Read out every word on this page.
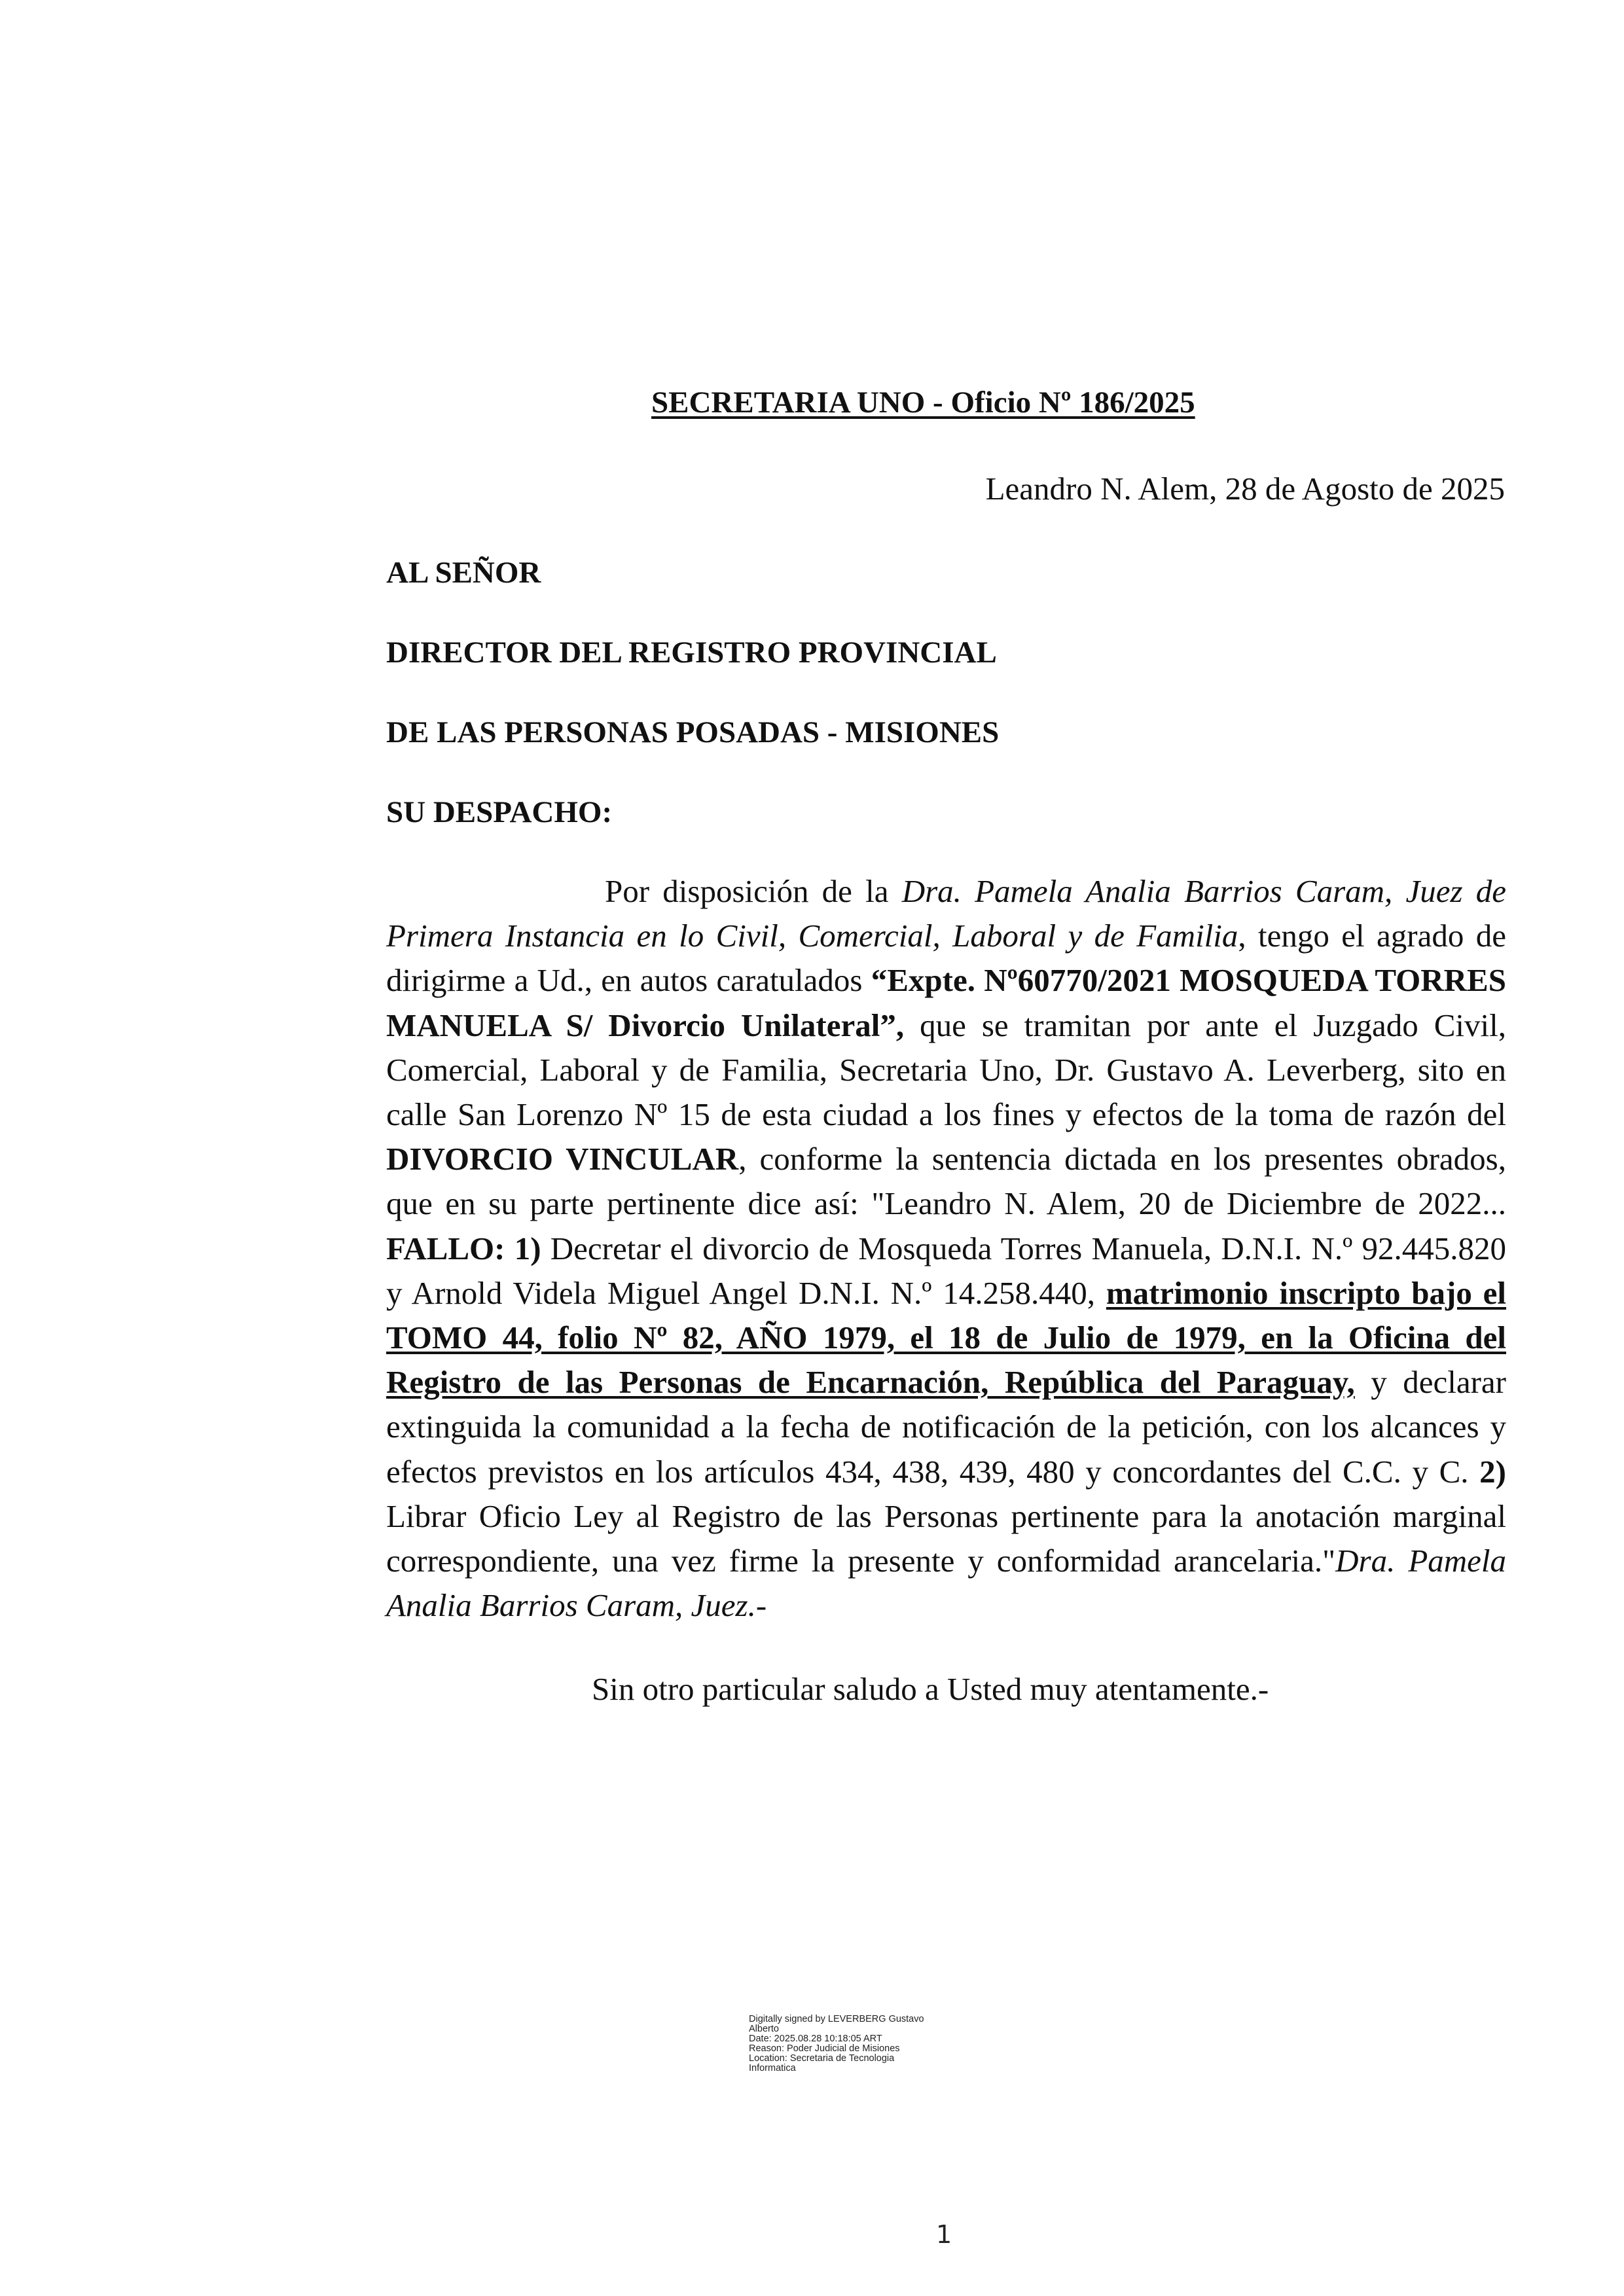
SECRETARIA UNO - Oficio Nº 186/2025
Leandro N. Alem, 28 de Agosto de 2025
AL SEÑOR
DIRECTOR DEL REGISTRO PROVINCIAL
DE LAS PERSONAS POSADAS - MISIONES
SU DESPACHO:

Por disposición de la Dra. Pamela Analia Barrios Caram, Juez de Primera Instancia en lo Civil, Comercial, Laboral y de Familia, tengo el agrado de dirigirme a Ud., en autos caratulados “Expte. Nº60770/2021 MOSQUEDA TORRES MANUELA S/ Divorcio Unilateral”, que se tramitan por ante el Juzgado Civil, Comercial, Laboral y de Familia, Secretaria Uno, Dr. Gustavo A. Leverberg, sito en calle San Lorenzo Nº 15 de esta ciudad a los fines y efectos de la toma de razón del DIVORCIO VINCULAR, conforme la sentencia dictada en los presentes obrados, que en su parte pertinente dice así: "Leandro N. Alem, 20 de Diciembre de 2022... FALLO: 1) Decretar el divorcio de Mosqueda Torres Manuela, D.N.I. N.º 92.445.820 y Arnold Videla Miguel Angel D.N.I. N.º 14.258.440, matrimonio inscripto bajo el TOMO 44, folio Nº 82, AÑO 1979, el 18 de Julio de 1979, en la Oficina del Registro de las Personas de Encarnación, República del Paraguay, y declarar extinguida la comunidad a la fecha de notificación de la petición, con los alcances y efectos previstos en los artículos 434, 438, 439, 480 y concordantes del C.C. y C. 2) Librar Oficio Ley al Registro de las Personas pertinente para la anotación marginal correspondiente, una vez firme la presente y conformidad arancelaria."Dra. Pamela Analia Barrios Caram, Juez.-

Sin otro particular saludo a Usted muy atentamente.-
Digitally signed by LEVERBERG Gustavo
Alberto
Date: 2025.08.28 10:18:05 ART
Reason: Poder Judicial de Misiones
Location: Secretaria de Tecnologia
Informatica
1
